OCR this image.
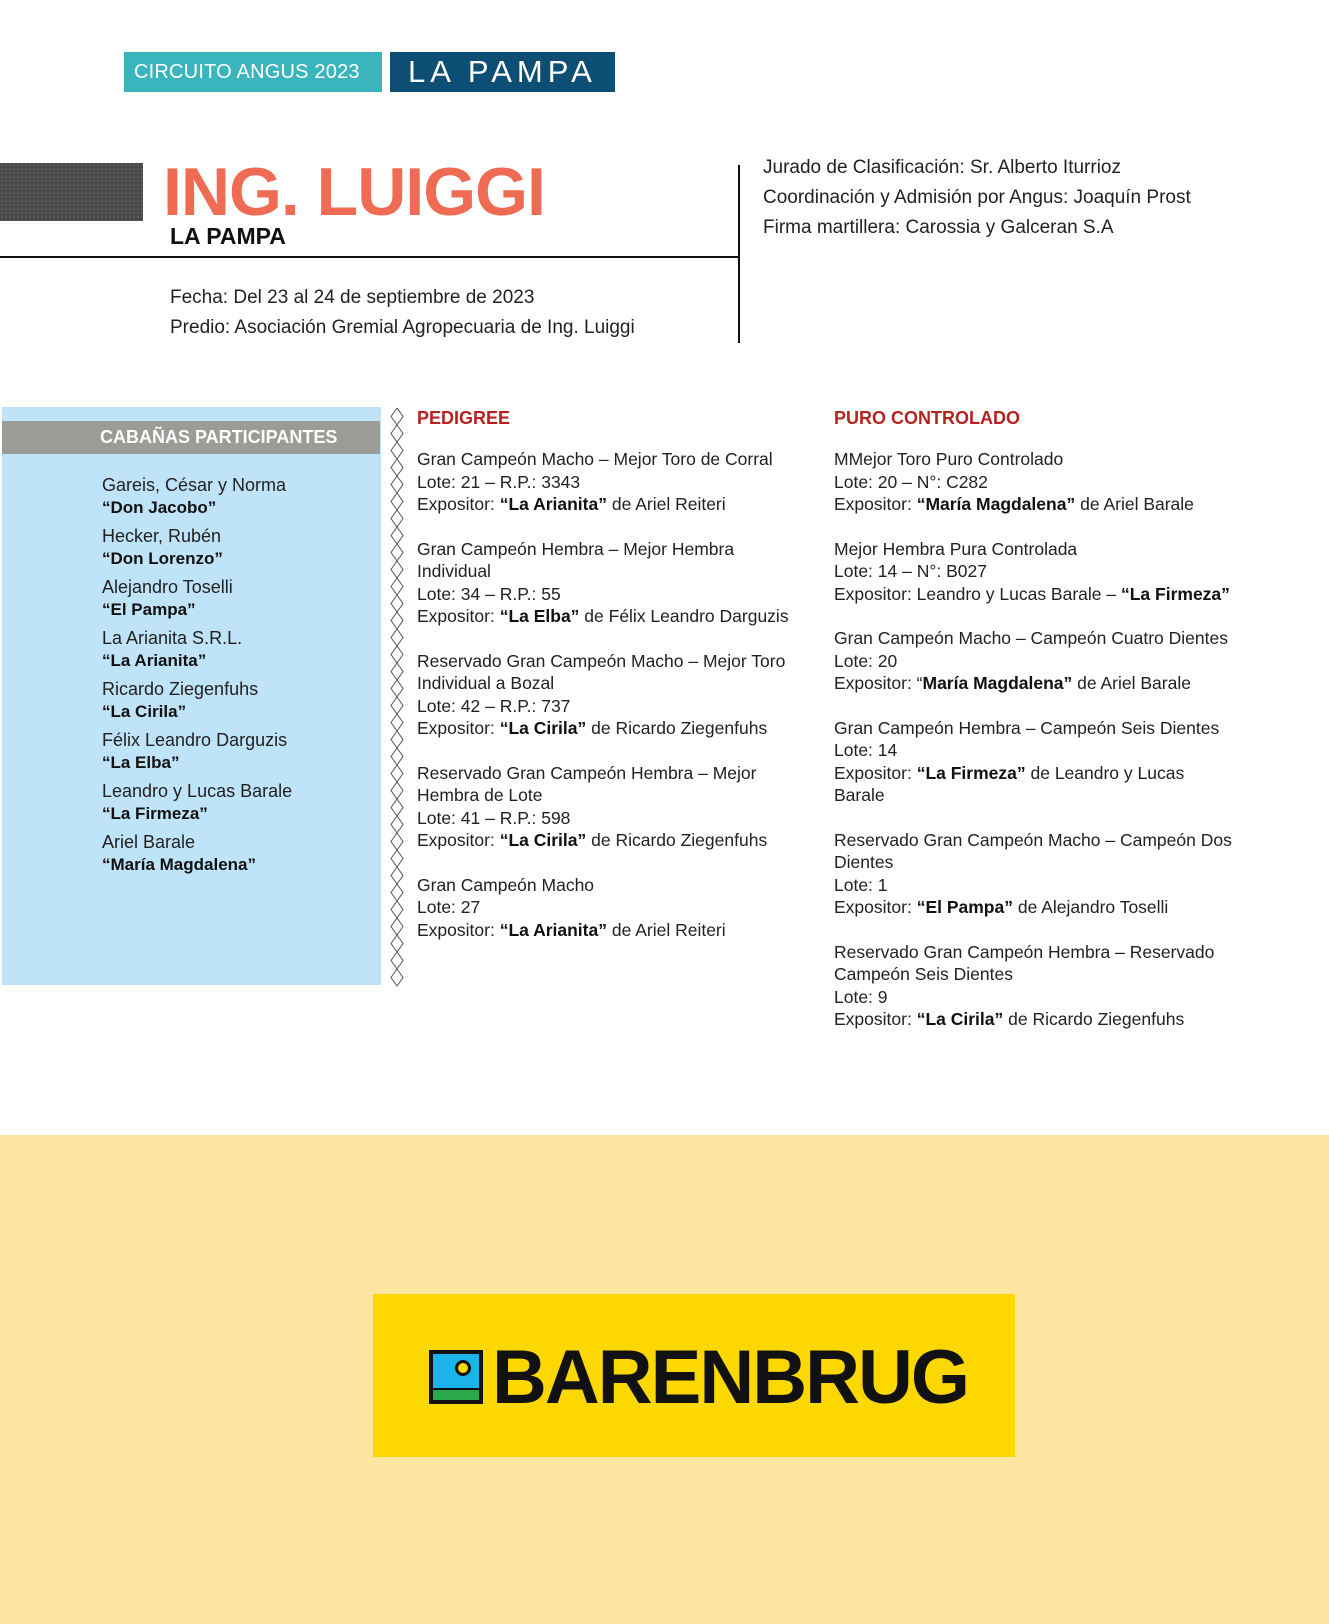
CIRCUITO ANGUS 2023	LA PAMPA
ING. LUIGGI
LA PAMPA
Fecha: Del 23 al 24 de septiembre de 2023
Predio: Asociación Gremial Agropecuaria de Ing. Luiggi
Jurado de Clasificación: Sr. Alberto Iturrioz
Coordinación y Admisión por Angus: Joaquín Prost
Firma martillera: Carossia y Galceran S.A
CABAÑAS PARTICIPANTES
Gareis, César y Norma
“Don Jacobo”
Hecker, Rubén
“Don Lorenzo”
Alejandro Toselli
“El Pampa”
La Arianita S.R.L.
“La Arianita”
Ricardo Ziegenfuhs
“La Cirila”
Félix Leandro Darguzis
“La Elba”
Leandro y Lucas Barale
“La Firmeza”
Ariel Barale
“María Magdalena”
PEDIGREE
Gran Campeón Macho – Mejor Toro de Corral
Lote: 21 – R.P.: 3343
Expositor: “La Arianita” de Ariel Reiteri
Gran Campeón Hembra – Mejor Hembra Individual
Lote: 34 – R.P.: 55
Expositor: “La Elba” de Félix Leandro Darguzis
Reservado Gran Campeón Macho – Mejor Toro Individual a Bozal
Lote: 42 – R.P.: 737
Expositor: “La Cirila” de Ricardo Ziegenfuhs
Reservado Gran Campeón Hembra – Mejor Hembra de Lote
Lote: 41 – R.P.: 598
Expositor: “La Cirila” de Ricardo Ziegenfuhs
Gran Campeón Macho
Lote: 27
Expositor: “La Arianita” de Ariel Reiteri
PURO CONTROLADO
MMejor Toro Puro Controlado
Lote: 20 – N°: C282
Expositor: “María Magdalena” de Ariel Barale
Mejor Hembra Pura Controlada
Lote: 14 – N°: B027
Expositor: Leandro y Lucas Barale – “La Firmeza”
Gran Campeón Macho – Campeón Cuatro Dientes
Lote: 20
Expositor: “María Magdalena” de Ariel Barale
Gran Campeón Hembra – Campeón Seis Dientes
Lote: 14
Expositor: “La Firmeza” de Leandro y Lucas Barale
Reservado Gran Campeón Macho – Campeón Dos Dientes
Lote: 1
Expositor: “El Pampa” de Alejandro Toselli
Reservado Gran Campeón Hembra – Reservado Campeón Seis Dientes
Lote: 9
Expositor: “La Cirila” de Ricardo Ziegenfuhs
BARENBRUG
